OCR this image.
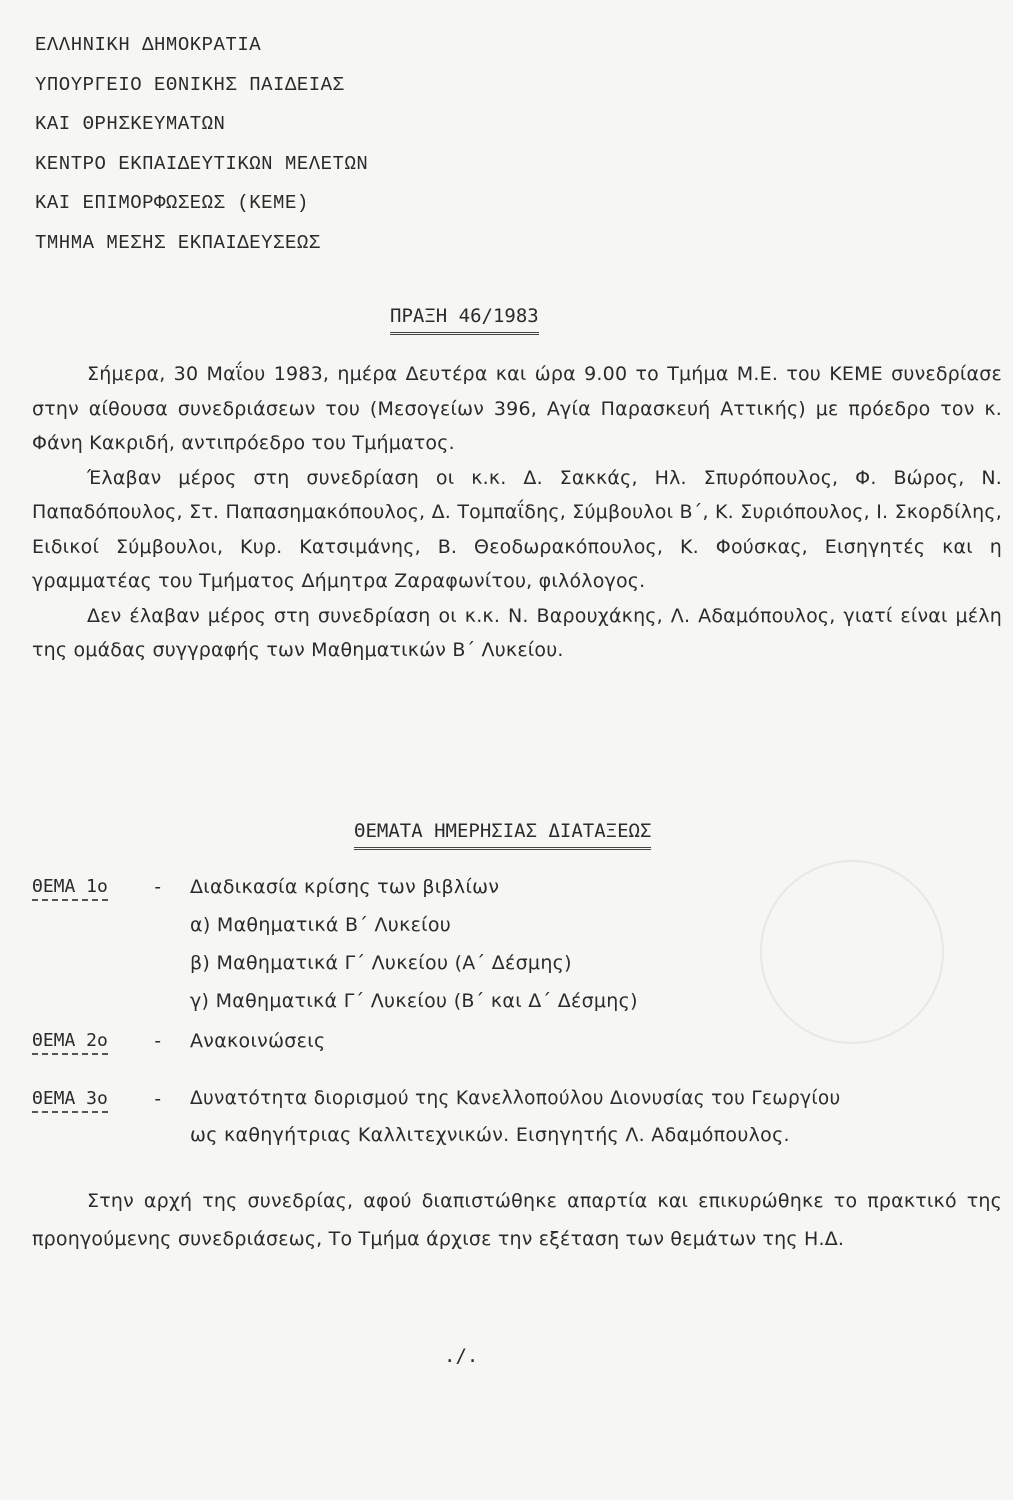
ΕΛΛΗΝΙΚΗ ΔΗΜΟΚΡΑΤΙΑ
ΥΠΟΥΡΓΕΙΟ ΕΘΝΙΚΗΣ ΠΑΙΔΕΙΑΣ
ΚΑΙ ΘΡΗΣΚΕΥΜΑΤΩΝ
ΚΕΝΤΡΟ ΕΚΠΑΙΔΕΥΤΙΚΩΝ ΜΕΛΕΤΩΝ
ΚΑΙ ΕΠΙΜΟΡΦΩΣΕΩΣ (ΚΕΜΕ)
ΤΜΗΜΑ ΜΕΣΗΣ ΕΚΠΑΙΔΕΥΣΕΩΣ
ΠΡΑΞΗ 46/1983

Σήμερα, 30 Μαΐου 1983, ημέρα Δευτέρα και ώρα 9.00 το Τμήμα Μ.Ε. του ΚΕΜΕ συνεδρίασε στην αίθουσα συνεδριάσεων του (Μεσογείων 396, Αγία Παρασκευή Αττικής) με πρόεδρο τον κ. Φάνη Κακριδή, αντιπρόεδρο του Τμήματος.

Έλαβαν μέρος στη συνεδρίαση οι κ.κ. Δ. Σακκάς, Ηλ. Σπυρόπουλος, Φ. Βώρος, Ν. Παπαδόπουλος, Στ. Παπασημακόπουλος, Δ. Τομπαΐδης, Σύμβουλοι Β΄, Κ. Συριόπουλος, Ι. Σκορδίλης, Ειδικοί Σύμβουλοι, Κυρ. Κατσιμάνης, Β. Θεοδωρακόπουλος, Κ. Φούσκας, Εισηγητές και η γραμματέας του Τμήματος Δήμητρα Ζαραφωνίτου, φιλόλογος.

Δεν έλαβαν μέρος στη συνεδρίαση οι κ.κ. Ν. Βαρουχάκης, Λ. Αδαμόπουλος, γιατί είναι μέλη της ομάδας συγγραφής των Μαθηματικών Β΄ Λυκείου.

ΘΕΜΑΤΑ ΗΜΕΡΗΣΙΑΣ ΔΙΑΤΑΞΕΩΣ
ΘΕΜΑ 1ο - Διαδικασία κρίσης των βιβλίων
α) Μαθηματικά Β΄ Λυκείου
β) Μαθηματικά Γ΄ Λυκείου (Α΄ Δέσμης)
γ) Μαθηματικά Γ΄ Λυκείου (Β΄ και Δ΄ Δέσμης)
ΘΕΜΑ 2ο - Ανακοινώσεις
ΘΕΜΑ 3ο - Δυνατότητα διορισμού της Κανελλοπούλου Διονυσίας του Γεωργίου
ως καθηγήτριας Καλλιτεχνικών. Εισηγητής Λ. Αδαμόπουλος.

Στην αρχή της συνεδρίας, αφού διαπιστώθηκε απαρτία και επικυρώθηκε το πρακτικό της προηγούμενης συνεδριάσεως, Το Τμήμα άρχισε την εξέταση των θεμάτων της Η.Δ.

./.
